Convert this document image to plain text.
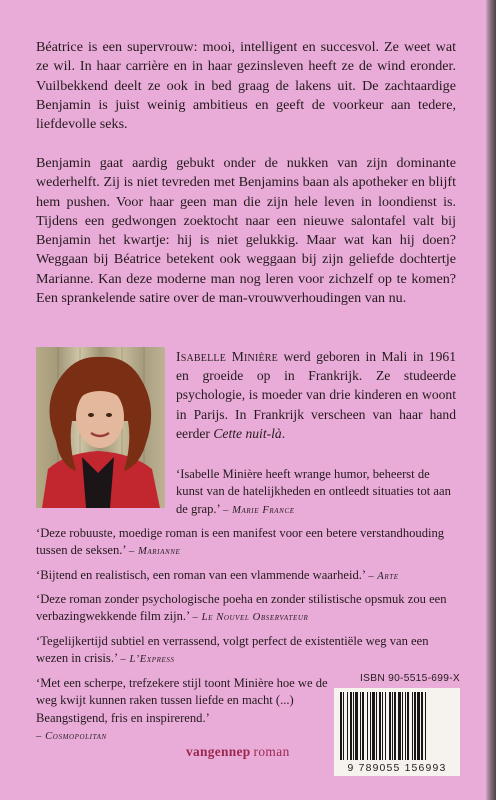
Béatrice is een supervrouw: mooi, intelligent en succesvol. Ze weet wat ze wil. In haar carrière en in haar gezinsleven heeft ze de wind eronder. Vuilbekkend deelt ze ook in bed graag de lakens uit. De zachtaardige Benjamin is juist weinig ambitieus en geeft de voorkeur aan tedere, liefdevolle seks.

Benjamin gaat aardig gebukt onder de nukken van zijn dominante wederhelft. Zij is niet tevreden met Benjamins baan als apotheker en blijft hem pushen. Voor haar geen man die zijn hele leven in loondienst is. Tijdens een gedwongen zoektocht naar een nieuwe salontafel valt bij Benjamin het kwartje: hij is niet gelukkig. Maar wat kan hij doen? Weggaan bij Béatrice betekent ook weggaan bij zijn geliefde dochtertje Marianne. Kan deze moderne man nog leren voor zichzelf op te komen? Een sprankelende satire over de man-vrouwverhoudingen van nu.

Isabelle Minière werd geboren in Mali in 1961 en groeide op in Frankrijk. Ze studeerde psychologie, is moeder van drie kinderen en woont in Parijs. In Frankrijk verscheen van haar hand eerder Cette nuit-là.

‘Isabelle Minière heeft wrange humor, beheerst de kunst van de hatelijkheden en ontleedt situaties tot aan de grap.’ – Marie France

‘Deze robuuste, moedige roman is een manifest voor een betere verstandhouding tussen de seksen.’ – Marianne

‘Bijtend en realistisch, een roman van een vlammende waarheid.’ – Arte

‘Deze roman zonder psychologische poeha en zonder stilistische opsmuk zou een verbazingwekkende film zijn.’ – Le Nouvel Observateur

‘Tegelijkertijd subtiel en verrassend, volgt perfect de existentiële weg van een wezen in crisis.’ – L’Express

‘Met een scherpe, trefzekere stijl toont Minière hoe we de weg kwijt kunnen raken tussen liefde en macht (...) Beangstigend, fris en inspirerend.’
– Cosmopolitan

ISBN 90-5515-699-X
9 789055 156993
vangennep roman
